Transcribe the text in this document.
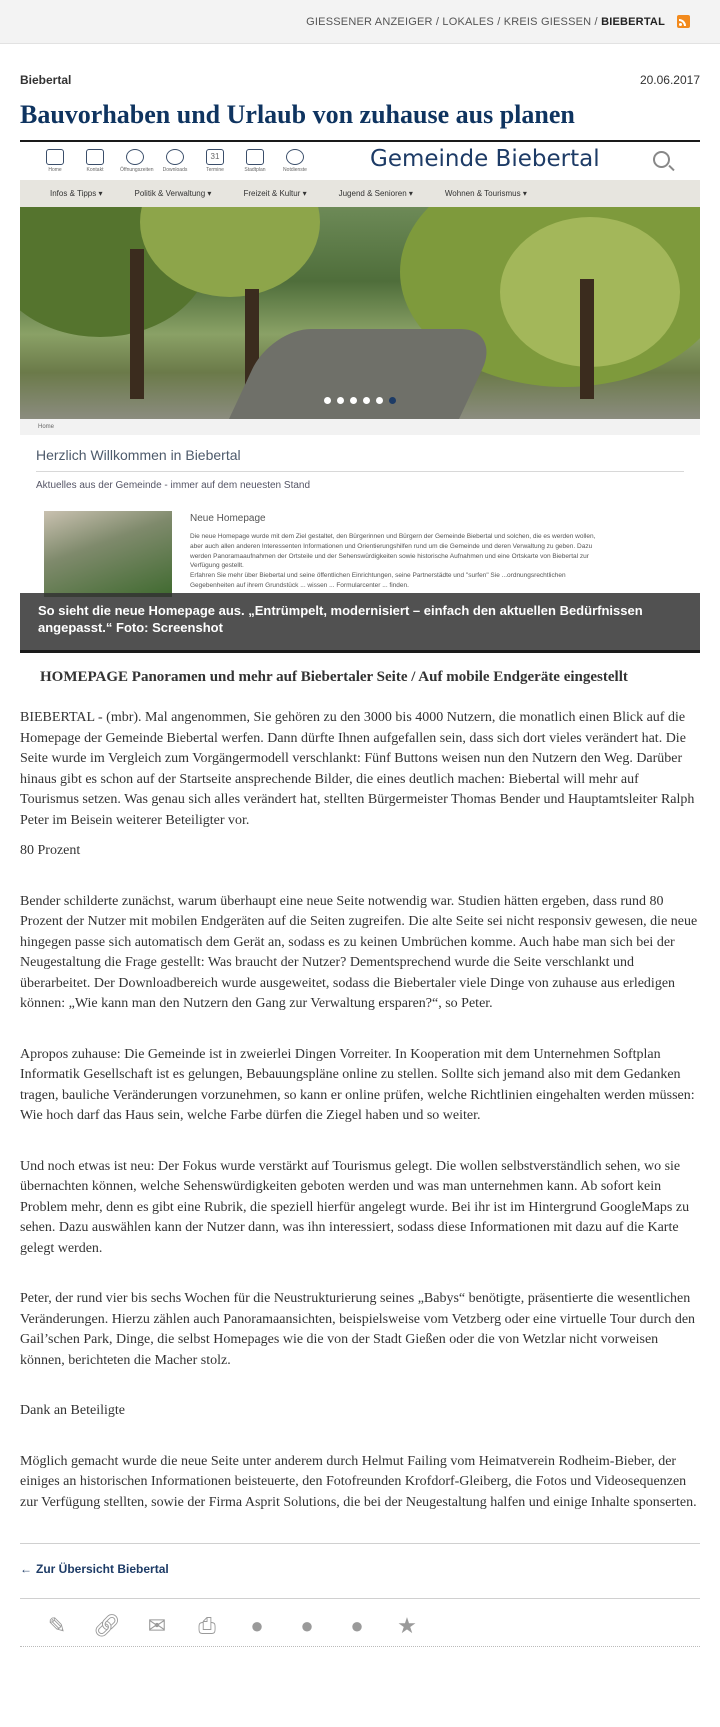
GIESSENER ANZEIGER / LOKALES / KREIS GIESSEN / BIEBERTAL
Biebertal	20.06.2017
Bauvorhaben und Urlaub von zuhause aus planen
Home	Kontakt	Öffnungszeiten	Downloads
31
Termine	Stadtplan	Notdienste	Gemeinde Biebertal
Infos & Tipps ▾	Politik & Verwaltung ▾	Freizeit & Kultur ▾	Jugend & Senioren ▾	Wohnen & Tourismus ▾
Home
Herzlich Willkommen in Biebertal
Aktuelles aus der Gemeinde - immer auf dem neuesten Stand
Neue Homepage
Die neue Homepage wurde mit dem Ziel gestaltet, den Bürgerinnen und Bürgern der Gemeinde Biebertal und solchen, die es werden wollen, aber auch allen anderen Interessenten Informationen und Orientierungshilfen rund um die Gemeinde und deren Verwaltung zu geben. Dazu werden Panoramaaufnahmen der Ortsteile und der Sehenswürdigkeiten sowie historische Aufnahmen und eine Ortskarte von Biebertal zur Verfügung gestellt.
Erfahren Sie mehr über Biebertal und seine öffentlichen Einrichtungen, seine Partnerstädte und "surfen" Sie ...ordnungsrechtlichen Gegebenheiten auf ihrem Grundstück ... wissen ... Formularcenter ... finden.
So sieht die neue Homepage aus. „Entrümpelt, modernisiert – einfach den aktuellen Bedürfnissen angepasst.“ Foto: Screenshot
HOMEPAGE Panoramen und mehr auf Biebertaler Seite / Auf mobile Endgeräte eingestellt

BIEBERTAL - (mbr). Mal angenommen, Sie gehören zu den 3000 bis 4000 Nutzern, die monatlich einen Blick auf die Homepage der Gemeinde Biebertal werfen. Dann dürfte Ihnen aufgefallen sein, dass sich dort vieles verändert hat. Die Seite wurde im Vergleich zum Vorgängermodell verschlankt: Fünf Buttons weisen nun den Nutzern den Weg. Darüber hinaus gibt es schon auf der Startseite ansprechende Bilder, die eines deutlich machen: Biebertal will mehr auf Tourismus setzen. Was genau sich alles verändert hat, stellten Bürgermeister Thomas Bender und Hauptamtsleiter Ralph Peter im Beisein weiterer Beteiligter vor.

80 Prozent

Bender schilderte zunächst, warum überhaupt eine neue Seite notwendig war. Studien hätten ergeben, dass rund 80 Prozent der Nutzer mit mobilen Endgeräten auf die Seiten zugreifen. Die alte Seite sei nicht responsiv gewesen, die neue hingegen passe sich automatisch dem Gerät an, sodass es zu keinen Umbrüchen komme. Auch habe man sich bei der Neugestaltung die Frage gestellt: Was braucht der Nutzer? Dementsprechend wurde die Seite verschlankt und überarbeitet. Der Downloadbereich wurde ausgeweitet, sodass die Biebertaler viele Dinge von zuhause aus erledigen können: „Wie kann man den Nutzern den Gang zur Verwaltung ersparen?“, so Peter.

Apropos zuhause: Die Gemeinde ist in zweierlei Dingen Vorreiter. In Kooperation mit dem Unternehmen Softplan Informatik Gesellschaft ist es gelungen, Bebauungspläne online zu stellen. Sollte sich jemand also mit dem Gedanken tragen, bauliche Veränderungen vorzunehmen, so kann er online prüfen, welche Richtlinien eingehalten werden müssen: Wie hoch darf das Haus sein, welche Farbe dürfen die Ziegel haben und so weiter.

Und noch etwas ist neu: Der Fokus wurde verstärkt auf Tourismus gelegt. Die wollen selbstverständlich sehen, wo sie übernachten können, welche Sehenswürdigkeiten geboten werden und was man unternehmen kann. Ab sofort kein Problem mehr, denn es gibt eine Rubrik, die speziell hierfür angelegt wurde. Bei ihr ist im Hintergrund GoogleMaps zu sehen. Dazu auswählen kann der Nutzer dann, was ihn interessiert, sodass diese Informationen mit dazu auf die Karte gelegt werden.

Peter, der rund vier bis sechs Wochen für die Neustrukturierung seines „Babys“ benötigte, präsentierte die wesentlichen Veränderungen. Hierzu zählen auch Panoramaansichten, beispielsweise vom Vetzberg oder eine virtuelle Tour durch den Gail’schen Park, Dinge, die selbst Homepages wie die von der Stadt Gießen oder die von Wetzlar nicht vorweisen können, berichteten die Macher stolz.

Dank an Beteiligte

Möglich gemacht wurde die neue Seite unter anderem durch Helmut Failing vom Heimatverein Rodheim-Bieber, der einiges an historischen Informationen beisteuerte, den Fotofreunden Krofdorf-Gleiberg, die Fotos und Videosequenzen zur Verfügung stellten, sowie der Firma Asprit Solutions, die bei der Neugestaltung halfen und einige Inhalte sponserten.

← Zur Übersicht Biebertal
✎	🔗︎	✉	⎙	●	●	●	★
